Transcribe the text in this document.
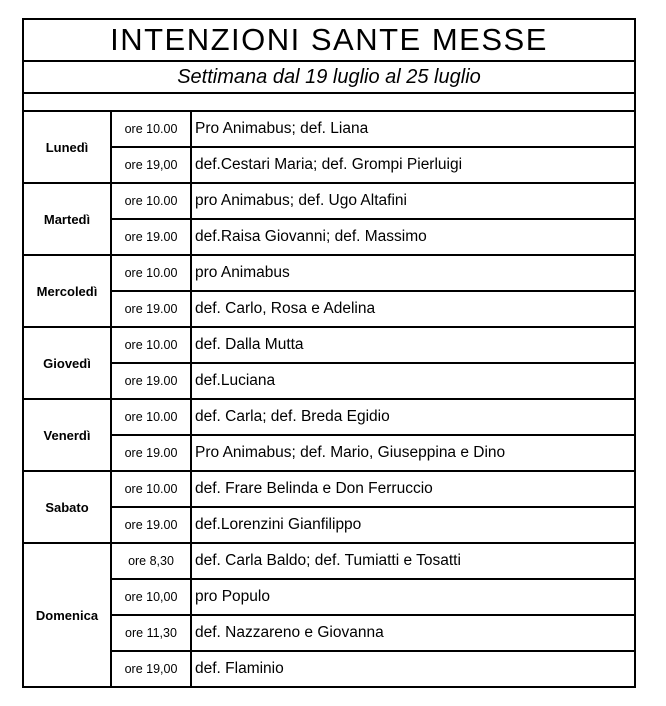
INTENZIONI SANTE MESSE
Settimana dal 19 luglio al 25 luglio
Lunedì	ore 10.00	Pro Animabus; def. Liana
	ore 19,00	def.Cestari Maria; def. Grompi Pierluigi
Martedì	ore 10.00	pro Animabus; def. Ugo Altafini
	ore 19.00	def.Raisa Giovanni; def. Massimo
Mercoledì	ore 10.00	pro Animabus
	ore 19.00	def. Carlo, Rosa e Adelina
Giovedì	ore 10.00	def. Dalla Mutta
	ore 19.00	def.Luciana
Venerdì	ore 10.00	def. Carla; def. Breda Egidio
	ore 19.00	Pro Animabus; def. Mario, Giuseppina e Dino
Sabato	ore 10.00	def. Frare Belinda e Don Ferruccio
	ore 19.00	def.Lorenzini Gianfilippo
Domenica	ore 8,30	def. Carla Baldo; def. Tumiatti e Tosatti
	ore 10,00	pro Populo
	ore 11,30	def. Nazzareno e Giovanna
	ore 19,00	def. Flaminio
